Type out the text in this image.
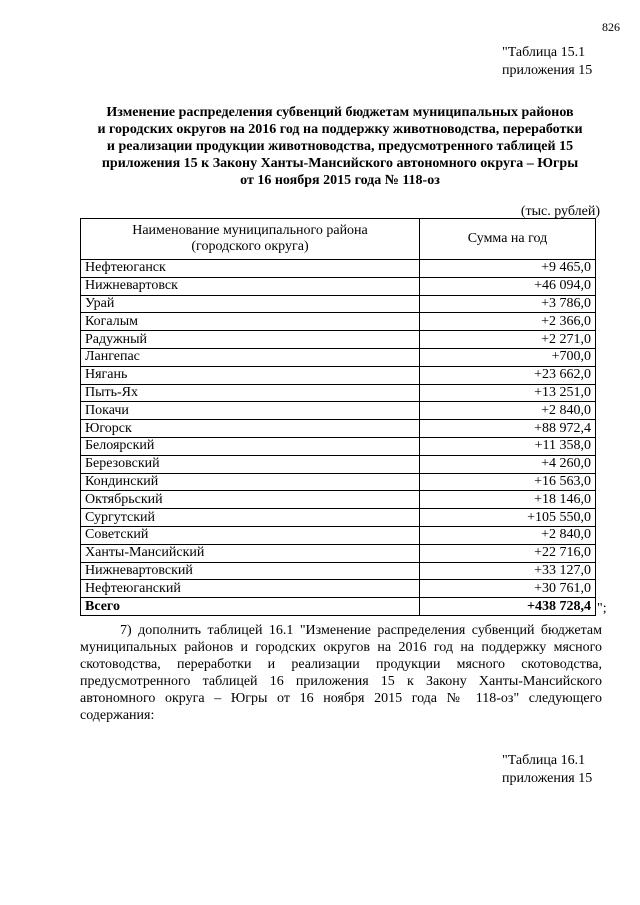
826
"Таблица 15.1
приложения 15
Изменение распределения субвенций бюджетам муниципальных районов
и городских округов на 2016 год на поддержку животноводства, переработки
и реализации продукции животноводства, предусмотренного таблицей 15
приложения 15 к Закону Ханты-Мансийского автономного округа – Югры
от 16 ноября 2015 года № 118-оз
(тыс. рублей)
Наименование муниципального района
(городского округа)	Сумма на год
Нефтеюганск	+9 465,0
Нижневартовск	+46 094,0
Урай	+3 786,0
Когалым	+2 366,0
Радужный	+2 271,0
Лангепас	+700,0
Нягань	+23 662,0
Пыть-Ях	+13 251,0
Покачи	+2 840,0
Югорск	+88 972,4
Белоярский	+11 358,0
Березовский	+4 260,0
Кондинский	+16 563,0
Октябрьский	+18 146,0
Сургутский	+105 550,0
Советский	+2 840,0
Ханты-Мансийский	+22 716,0
Нижневартовский	+33 127,0
Нефтеюганский	+30 761,0
Всего	+438 728,4 ";

7) дополнить таблицей 16.1 "Изменение распределения субвенций бюджетам муниципальных районов и городских округов на 2016 год на поддержку мясного скотоводства, переработки и реализации продукции мясного скотоводства, предусмотренного таблицей 16 приложения 15 к Закону Ханты-Мансийского автономного округа – Югры от 16 ноября 2015 года № 118-оз" следующего содержания:

"Таблица 16.1
приложения 15
